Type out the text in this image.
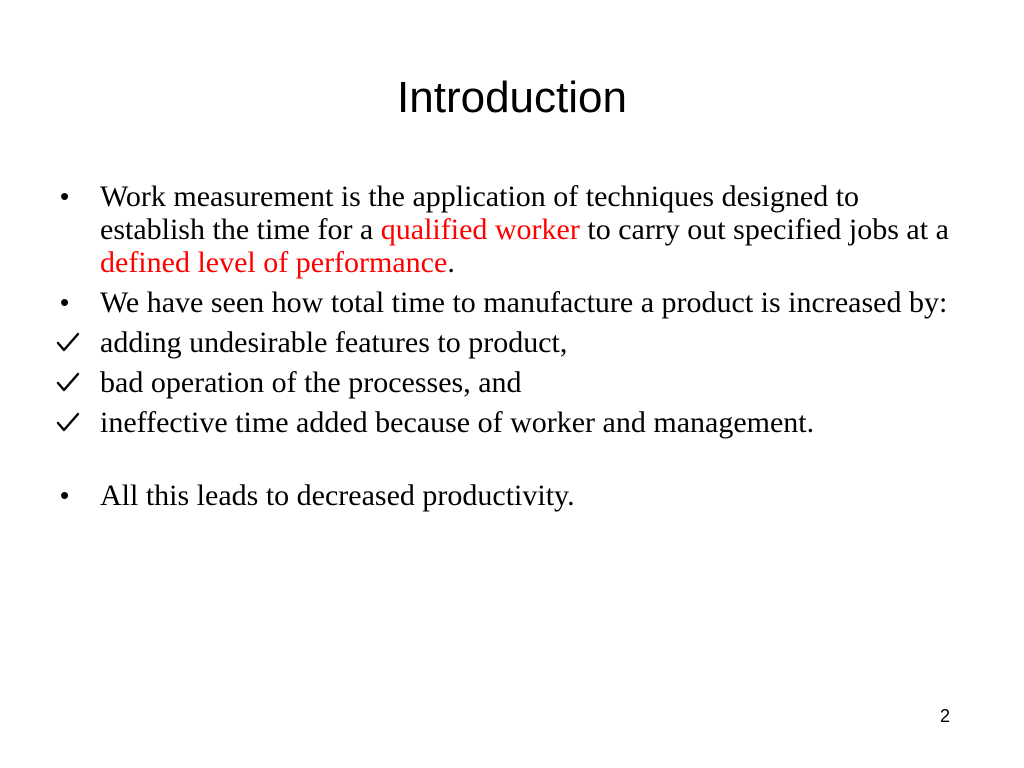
Introduction
•	Work measurement is the application of techniques designed to establish the time for a qualified worker to carry out specified jobs at a defined level of performance.
•	We have seen how total time to manufacture a product is increased by:
adding undesirable features to product,
bad operation of the processes, and
ineffective time added because of worker and management.
•	All this leads to decreased productivity.
2
